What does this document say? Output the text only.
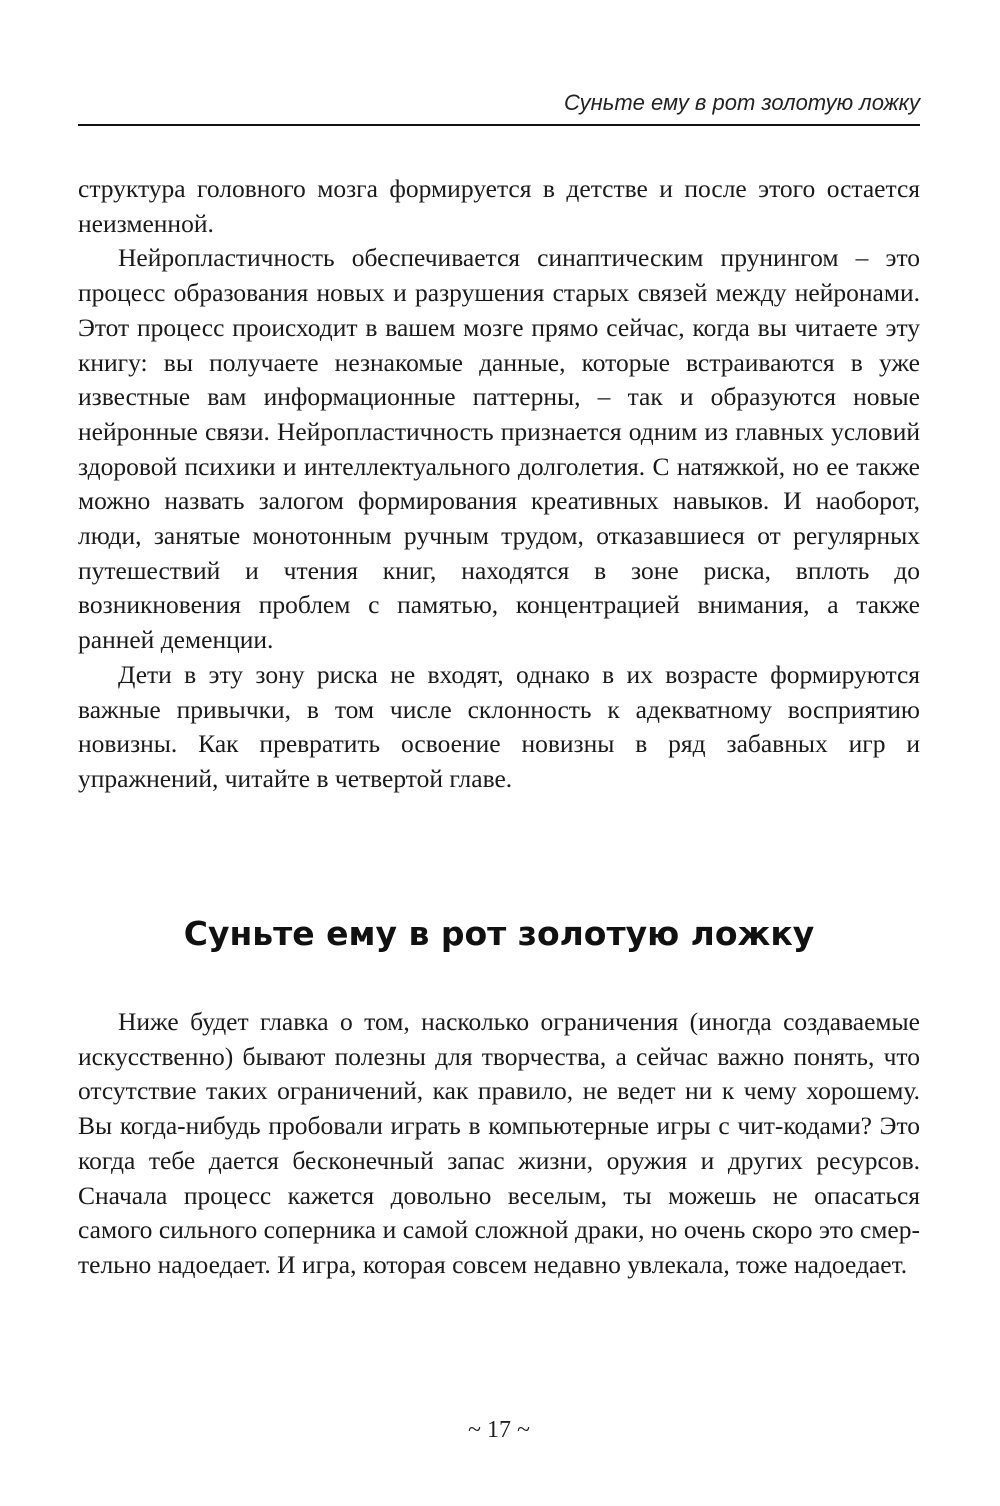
Суньте ему в рот золотую ложку

структура головного мозга формируется в детстве и после этого остается неизменной.

Нейропластичность обеспечивается синаптическим прунингом – это процесс образования новых и разрушения старых связей между нейронами. Этот процесс происходит в вашем мозге прямо сейчас, когда вы читаете эту книгу: вы получаете незнакомые данные, которые встраиваются в уже известные вам информационные паттерны, – так и образуются новые нейронные связи. Нейропластичность признается одним из главных условий здоровой психики и интеллектуального долголетия. С натяжкой, но ее также можно назвать залогом формирования креативных навыков. И наоборот, люди, занятые монотонным ручным трудом, отказавшиеся от регулярных путешествий и чтения книг, находятся в зоне риска, вплоть до возникновения проблем с памятью, концентрацией внимания, а также ранней деменции.

Дети в эту зону риска не входят, однако в их возрасте формируются важные привычки, в том числе склонность к адекватному восприятию новизны. Как превратить освоение новизны в ряд забавных игр и упражнений, читайте в четвертой главе.

Суньте ему в рот золотую ложку

Ниже будет главка о том, насколько ограничения (иногда создаваемые искусственно) бывают полезны для творчества, а сейчас важно понять, что отсутствие таких ограничений, как правило, не ведет ни к чему хорошему. Вы когда-нибудь пробовали играть в компьютерные игры с чит-кодами? Это когда тебе дается бесконечный запас жизни, оружия и других ресурсов. Сначала процесс кажется довольно веселым, ты можешь не опасаться самого сильного соперника и самой сложной драки, но очень скоро это смертельно надоедает. И игра, которая совсем недавно увлекала, тоже надоедает.

~ 17 ~
